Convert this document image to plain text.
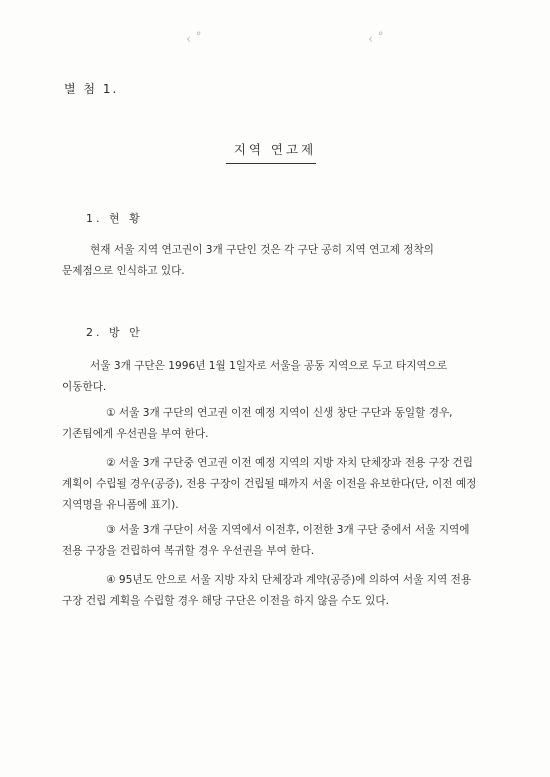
‹ ˚	‹ ˚
별 첨 1.
지역 연고제
1. 현 황
현재 서울 지역 연고권이 3개 구단인 것은 각 구단 공히 지역 연고제 정착의 문제점으로 인식하고 있다.
2. 방 안
서울 3개 구단은 1996년 1월 1일자로 서울을 공동 지역으로 두고 타지역으로 이동한다.
① 서울 3개 구단의 연고권 이전 예정 지역이 신생 창단 구단과 동일할 경우, 기존팀에게 우선권을 부여 한다.
② 서울 3개 구단중 연고권 이전 예정 지역의 지방 자치 단체장과 전용 구장 건립 계획이 수립될 경우(공증), 전용 구장이 건립될 때까지 서울 이전을 유보한다(단, 이전 예정 지역명을 유니폼에 표기).
③ 서울 3개 구단이 서울 지역에서 이전후, 이전한 3개 구단 중에서 서울 지역에 전용 구장을 건립하여 복귀할 경우 우선권을 부여 한다.
④ 95년도 안으로 서울 지방 자치 단체장과 계약(공증)에 의하여 서울 지역 전용 구장 건립 계획을 수립할 경우 해당 구단은 이전을 하지 않을 수도 있다.
